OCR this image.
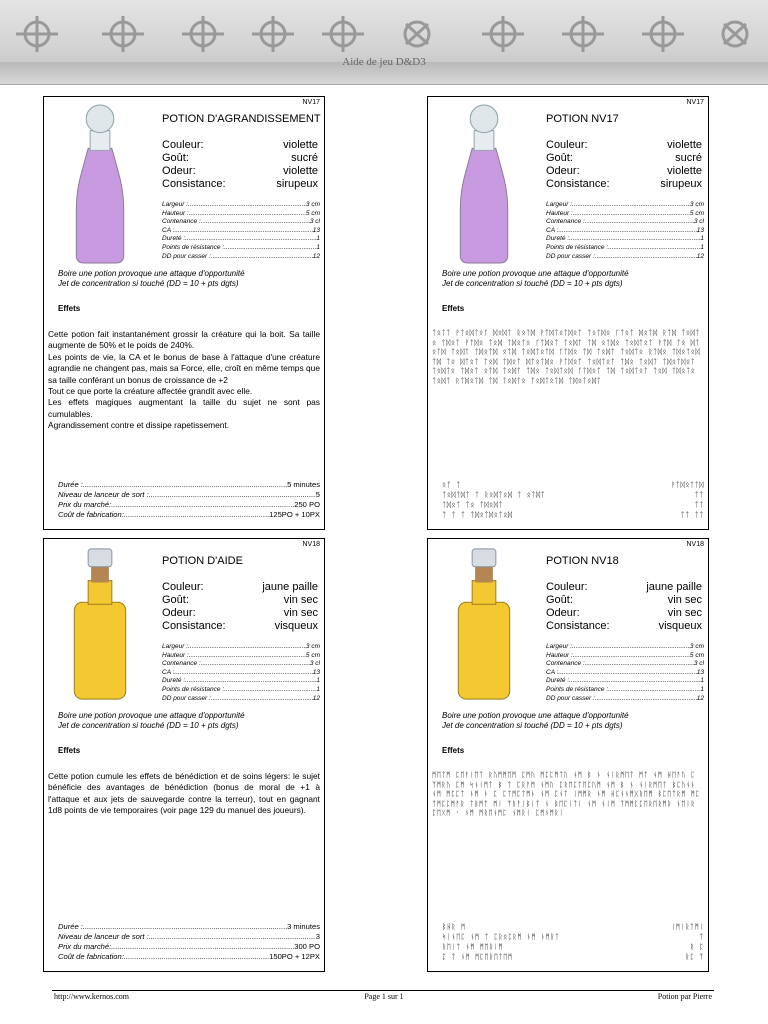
Aide de jeu D&D3
NV17
POTION D'AGRANDISSEMENT
Couleur:	violette
Goût:	sucré
Odeur:	violette
Consistance:	sirupeux
Largeur : .....	3 cm
Hauteur : .....	5 cm
Contenance : .....	3 cl
CA : .....	13
Dureté : .....	1
Points de résistance : .....	1
DD pour casser : .....	12
Boire une potion provoque une attaque d'opportunité
Jet de concentration si touché (DD = 10 + pts dgts)
Effets

Cette potion fait instantanément grossir la créature qui la boit. Sa taille augmente de 50% et le poids de 240%.

Les points de vie, la CA et le bonus de base à l'attaque d'une créature agrandie ne changent pas, mais sa Force, elle, croît en même temps que sa taille conférant un bonus de croissance de +2

Tout ce que porte la créature affectée grandit avec elle.

Les effets magiques augmentant la taille du sujet ne sont pas cumulables.

Agrandissement contre et dissipe rapetissement.

Durée : .....	5 minutes
Niveau de lanceur de sort : .....	5
Prix du marché: .....	250 PO
Coût de fabrication: .....	125PO + 10PX
NV17
POTION NV17
Couleur:	violette
Goût:	sucré
Odeur:	violette
Consistance:	sirupeux
Largeur : .....	3 cm
Hauteur : .....	5 cm
Contenance : .....	3 cl
CA : .....	13
Dureté : .....	1
Points de résistance : .....	1
DD pour casser : .....	12
Boire une potion provoque une attaque d'opportunité
Jet de concentration si touché (DD = 10 + pts dgts)
Effets
ᛏᛟᛏᛏ ᚹᛏᛟᛞᛏᛟᚴ ᛞᛟᛞᛏ ᚱᛟᛏᛞ ᚹᛏᛞᛏᛟᛏᛞᛟᛏ ᛏᛟᛏᛞᛟ ᚴᛏᛟᛏ ᛞᛟᛏᛞ ᚱᛏᛞ ᛏᛟᛞᛏᛟ ᛏᛞᛟᛏ ᚹᛏᛞᛟ ᛏᛟᛞ ᛏᛞᛟᛏᛟ ᚴᛏᛞᛟᛏ ᛏᛟᛞᛏ ᛏᛞ ᛟᛏᛞᛟ ᛏᛟᛞᛏᛟᛏ ᚹᛏᛞ ᛏᛟ ᛞᛏᛟᛏᛞ ᛏᛟᛞᛏ ᛏᛞᛟᛏᛞ ᛟᛏᛞ ᛏᛟᛞᛏᛟᛏᛞ ᚴᛏᛞᛟ ᛏᛞ ᛏᛟᛞᛏ ᛏᛟᛞᛏᛟ ᚱᛏᛞᛟ ᛏᛞᛟᛏᛟᛞ ᛏᛞ ᛏᛟ ᛞᛏᛟᛏ ᛏᛟᛞ ᛏᛞᛟᛏ ᛞᛏᛟᛏᛞᛟ ᚹᛏᛞᛟᛏ ᛏᛟᛞᛏᛟᛏ ᛏᛞᛟ ᛏᛟᛞᛏ ᛏᛞᛟᛏᛞᛟᛏ ᛏᛟᛞᛏᛟ ᛏᛞᛟᛏ ᛟᛏᛞ ᛏᛟᛞᛏ ᛏᛞᛟ ᛏᛟᛞᛏᛟᛞ ᚴᛏᛞᛟᛏ ᛏᛞ ᛏᛟᛞᛏᛟᛏ ᛏᛟᛞ ᛏᛞᛟᛏᛟ ᛏᛟᛞᛏ ᚱᛏᛞᛟᛏᛞ ᛏᛞ ᛏᛟᛞᛏᛟ ᛏᛟᛞᛏᛟᛏᛞ ᛏᛞᛟᛏᛟᛞᛏ
ᛟᛏ ᛏ	ᚹᛏᛞᛟᛏᛏᛞ
ᛏᛟᛞᛏᛞᛏ ᛏ ᚱᛟᛞᛏᛟᛞ ᛏ ᛟᛏᛞᛏ	ᛏᛏ
ᛏᛞᛟᛏ ᛏᛟ ᛏᛞᛟᛞᛏ	ᛏᛏ
ᛏ ᛏ ᛏ ᛏᛞᛟᛏᛞᛟᛏᛟᛞ	ᛏᛏ ᛏᛏ
NV18
POTION D'AIDE
Couleur:	jaune paille
Goût:	vin sec
Odeur:	vin sec
Consistance:	visqueux
Largeur : .....	3 cm
Hauteur : .....	5 cm
Contenance : .....	3 cl
CA : .....	13
Dureté : .....	1
Points de résistance : .....	1
DD pour casser : .....	12
Boire une potion provoque une attaque d'opportunité
Jet de concentration si touché (DD = 10 + pts dgts)
Effets

Cette potion cumule les effets de bénédiction et de soins légers: le sujet bénéficie des avantages de bénédiction (bonus de moral de +1 à l'attaque et aux jets de sauvegarde contre la terreur), tout en gagnant 1d8 points de vie temporaires (voir page 129 du manuel des joueurs).

Durée : .....	3 minutes
Niveau de lanceur de sort : .....	3
Prix du marché: .....	300 PO
Coût de fabrication: .....	150PO + 12PX
NV18
POTION NV18
Couleur:	jaune paille
Goût:	vin sec
Odeur:	vin sec
Consistance:	visqueux
Largeur : .....	3 cm
Hauteur : .....	5 cm
Contenance : .....	3 cl
CA : .....	13
Dureté : .....	1
Points de résistance : .....	1
DD pour casser : .....	12
Boire une potion provoque une attaque d'opportunité
Jet de concentration si touché (DD = 10 + pts dgts)
Effets
ᛗᛖᛏᛗ ᛈᛖᚨᛁᛖᛏ ᚱᚢᛗᛗᛖᛗ ᛈᛗᚢ ᛗᛈᛈᛗᛏᚢ ᚾᛗ ᛒ ᚾ ᚾᛁᚱᛗᛖᛏ ᛗᛏ ᚾᛗ ᚺᛖᚨᚢ ᛈ ᛉᛗᚱᚢ ᛈᛗ ᛋᚾᛁᛗᛏ ᛒ ᛏ ᛈᚱᚨᛗ ᚾᛗᚢ ᛈᚱᛖᛈᛏᛖᛈᚢᛗ ᚾᛗ ᛒ ᚾ ᚾᛁᚱᛗᛖᛏ ᛒᛈᚢᚾᚾ ᚾᛗ ᛗᛈᛈᛏ ᚾᛗ ᚾ ᛈ ᛈᛏᛗᛈᛏᛗᚾ ᚾᛗ ᛈᚾᛏ ᛁᛗᛗᚱ ᚾᛗ ᚺᛈᚾᚾᛗᚷᚱᛖᛗ ᛒᛈᛖᛏᚱᛗ ᛗᛈ ᛏᛗᛈᛈᛗᚨᚱ ᛏᛒᛗᛏ ᛗᛁ ᛉᚱᚨᛁᛒᛁᛏ ᚾ ᛒᛖᛈᛁᛏᛁ ᚾᛗ ᚾᛁᛗ ᛏᛗᛗᛈᛈᛖᚱᛖᚱᛗᚱ ᚾᛖᛁᚱ ᛈᛖᚷᛗ ᛫ ᚾᛗ ᛗᚱᛖᚾᛗᛈ ᚾᛗᚱᛁ ᛈᛗᚾᛗᚱᛁ
ᛒᚺᚱ ᛗ	ᛁᛗᛁᚱᛏᛗᛁ
ᛋᛁᚾᛖᛈ ᚾᛗ ᛏ ᛈᚱᛟᛈᚱᛗ ᚾᛗ ᚾᛗᚱᛏ	ᛏ
ᚱᛖᛁᛏ ᚾᛗ ᛗᛖᚱᛁᛗ	ᚱ ᛈ
ᛈ ᛏ ᚾᛗ ᛗᛈᛖᚱᛖᛏᛖᛗ	ᚱᛈ ᛉ
http://www.kernos.com	Page 1 sur 1	Potion par Pierre
